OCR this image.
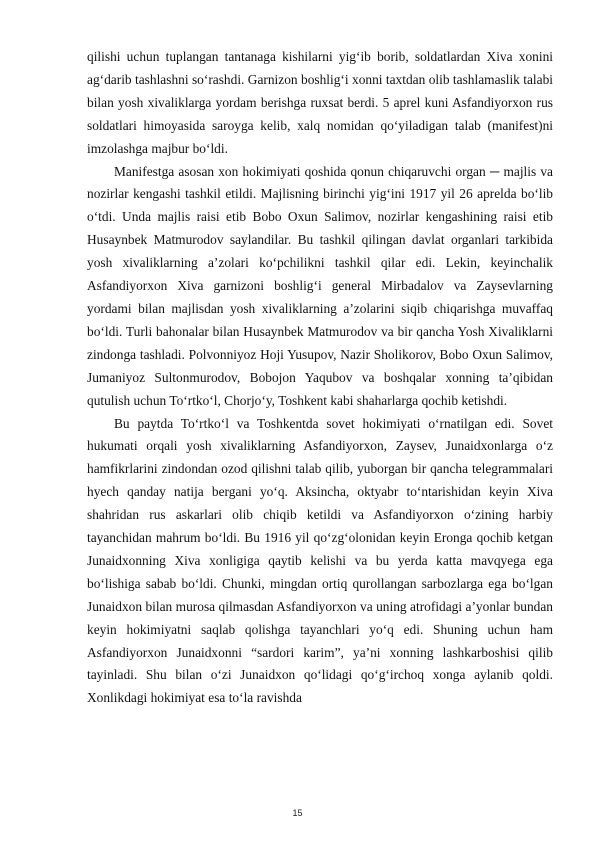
qilishi uchun tuplangan tantanaga kishilarni yig‘ib borib, soldatlardan Xiva xonini ag‘darib tashlashni so‘rashdi. Garnizon boshlig‘i xonni taxtdan olib tashlamaslik talabi bilan yosh xivaliklarga yordam berishga ruxsat berdi. 5 aprel kuni Asfandiyorxon rus soldatlari himoyasida saroyga kelib, xalq nomidan qo‘yiladigan talab (manifest)ni imzolashga majbur bo‘ldi.

Manifestga asosan xon hokimiyati qoshida qonun chiqaruvchi organ ─ majlis va nozirlar kengashi tashkil etildi. Majlisning birinchi yig‘ini 1917 yil 26 aprelda bo‘lib o‘tdi. Unda majlis raisi etib Bobo Oxun Salimov, nozirlar kengashining raisi etib Husaynbek Matmurodov saylandilar. Bu tashkil qilingan davlat organlari tarkibida yosh xivaliklarning a’zolari ko‘pchilikni tashkil qilar edi. Lekin, keyinchalik Asfandiyorxon Xiva garnizoni boshlig‘i general Mirbadalov va Zaysevlarning yordami bilan majlisdan yosh xivaliklarning a’zolarini siqib chiqarishga muvaffaq bo‘ldi. Turli bahonalar bilan Husaynbek Matmurodov va bir qancha Yosh Xivaliklarni zindonga tashladi. Polvonniyoz Hoji Yusupov, Nazir Sholikorov, Bobo Oxun Salimov, Jumaniyoz Sultonmurodov, Bobojon Yaqubov va boshqalar xonning ta’qibidan qutulish uchun To‘rtko‘l, Chorjo‘y, Toshkent kabi shaharlarga qochib ketishdi.

Bu paytda To‘rtko‘l va Toshkentda sovet hokimiyati o‘rnatilgan edi. Sovet hukumati orqali yosh xivaliklarning Asfandiyorxon, Zaysev, Junaidxonlarga o‘z hamfikrlarini zindondan ozod qilishni talab qilib, yuborgan bir qancha telegrammalari hyech qanday natija bergani yo‘q. Aksincha, oktyabr to‘ntarishidan keyin Xiva shahridan rus askarlari olib chiqib ketildi va Asfandiyorxon o‘zining harbiy tayanchidan mahrum bo‘ldi. Bu 1916 yil qo‘zg‘olonidan keyin Eronga qochib ketgan Junaidxonning Xiva xonligiga qaytib kelishi va bu yerda katta mavqyega ega bo‘lishiga sabab bo‘ldi. Chunki, mingdan ortiq qurollangan sarbozlarga ega bo‘lgan Junaidxon bilan murosa qilmasdan Asfandiyorxon va uning atrofidagi a’yonlar bundan keyin hokimiyatni saqlab qolishga tayanchlari yo‘q edi. Shuning uchun ham Asfandiyorxon Junaidxonni “sardori karim”, ya’ni xonning lashkarboshisi qilib tayinladi. Shu bilan o‘zi Junaidxon qo‘lidagi qo‘g‘irchoq xonga aylanib qoldi. Xonlikdagi hokimiyat esa to‘la ravishda

15
